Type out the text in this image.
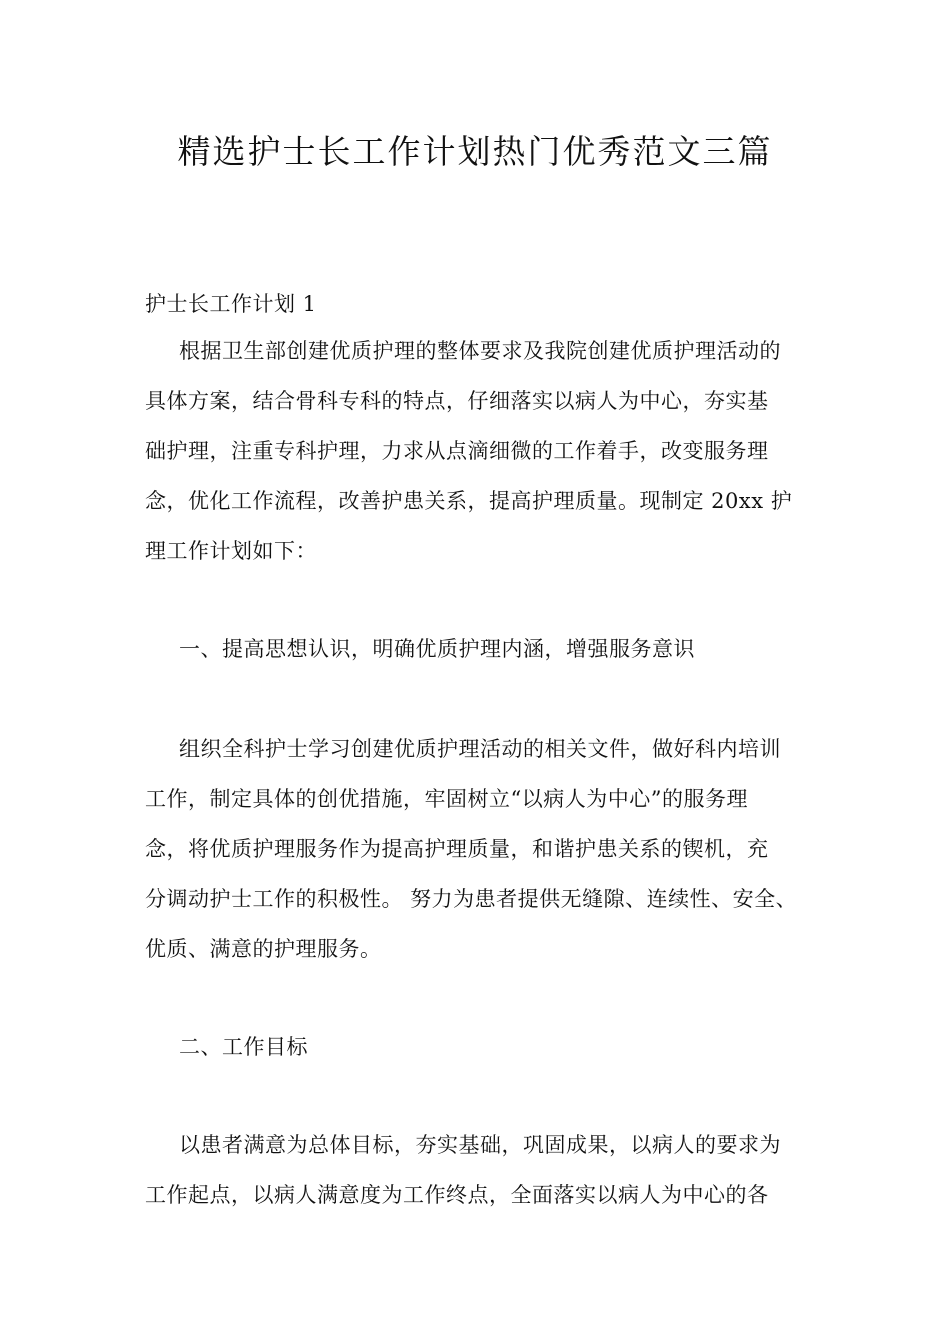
精选护士长工作计划热门优秀范文三篇

护士长工作计划 1

根据卫生部创建优质护理的整体要求及我院创建优质护理活动的
具体方案，结合骨科专科的特点，仔细落实以病人为中心，夯实基
础护理，注重专科护理，力求从点滴细微的工作着手，改变服务理
念，优化工作流程，改善护患关系，提高护理质量。现制定 20xx 护
理工作计划如下：

一、提高思想认识，明确优质护理内涵，增强服务意识

组织全科护士学习创建优质护理活动的相关文件，做好科内培训
工作，制定具体的创优措施，牢固树立“以病人为中心”的服务理
念，将优质护理服务作为提高护理质量，和谐护患关系的锲机，充
分调动护士工作的积极性。 努力为患者提供无缝隙、连续性、安全、
优质、满意的护理服务。

二、工作目标

以患者满意为总体目标，夯实基础，巩固成果，以病人的要求为
工作起点，以病人满意度为工作终点，全面落实以病人为中心的各
